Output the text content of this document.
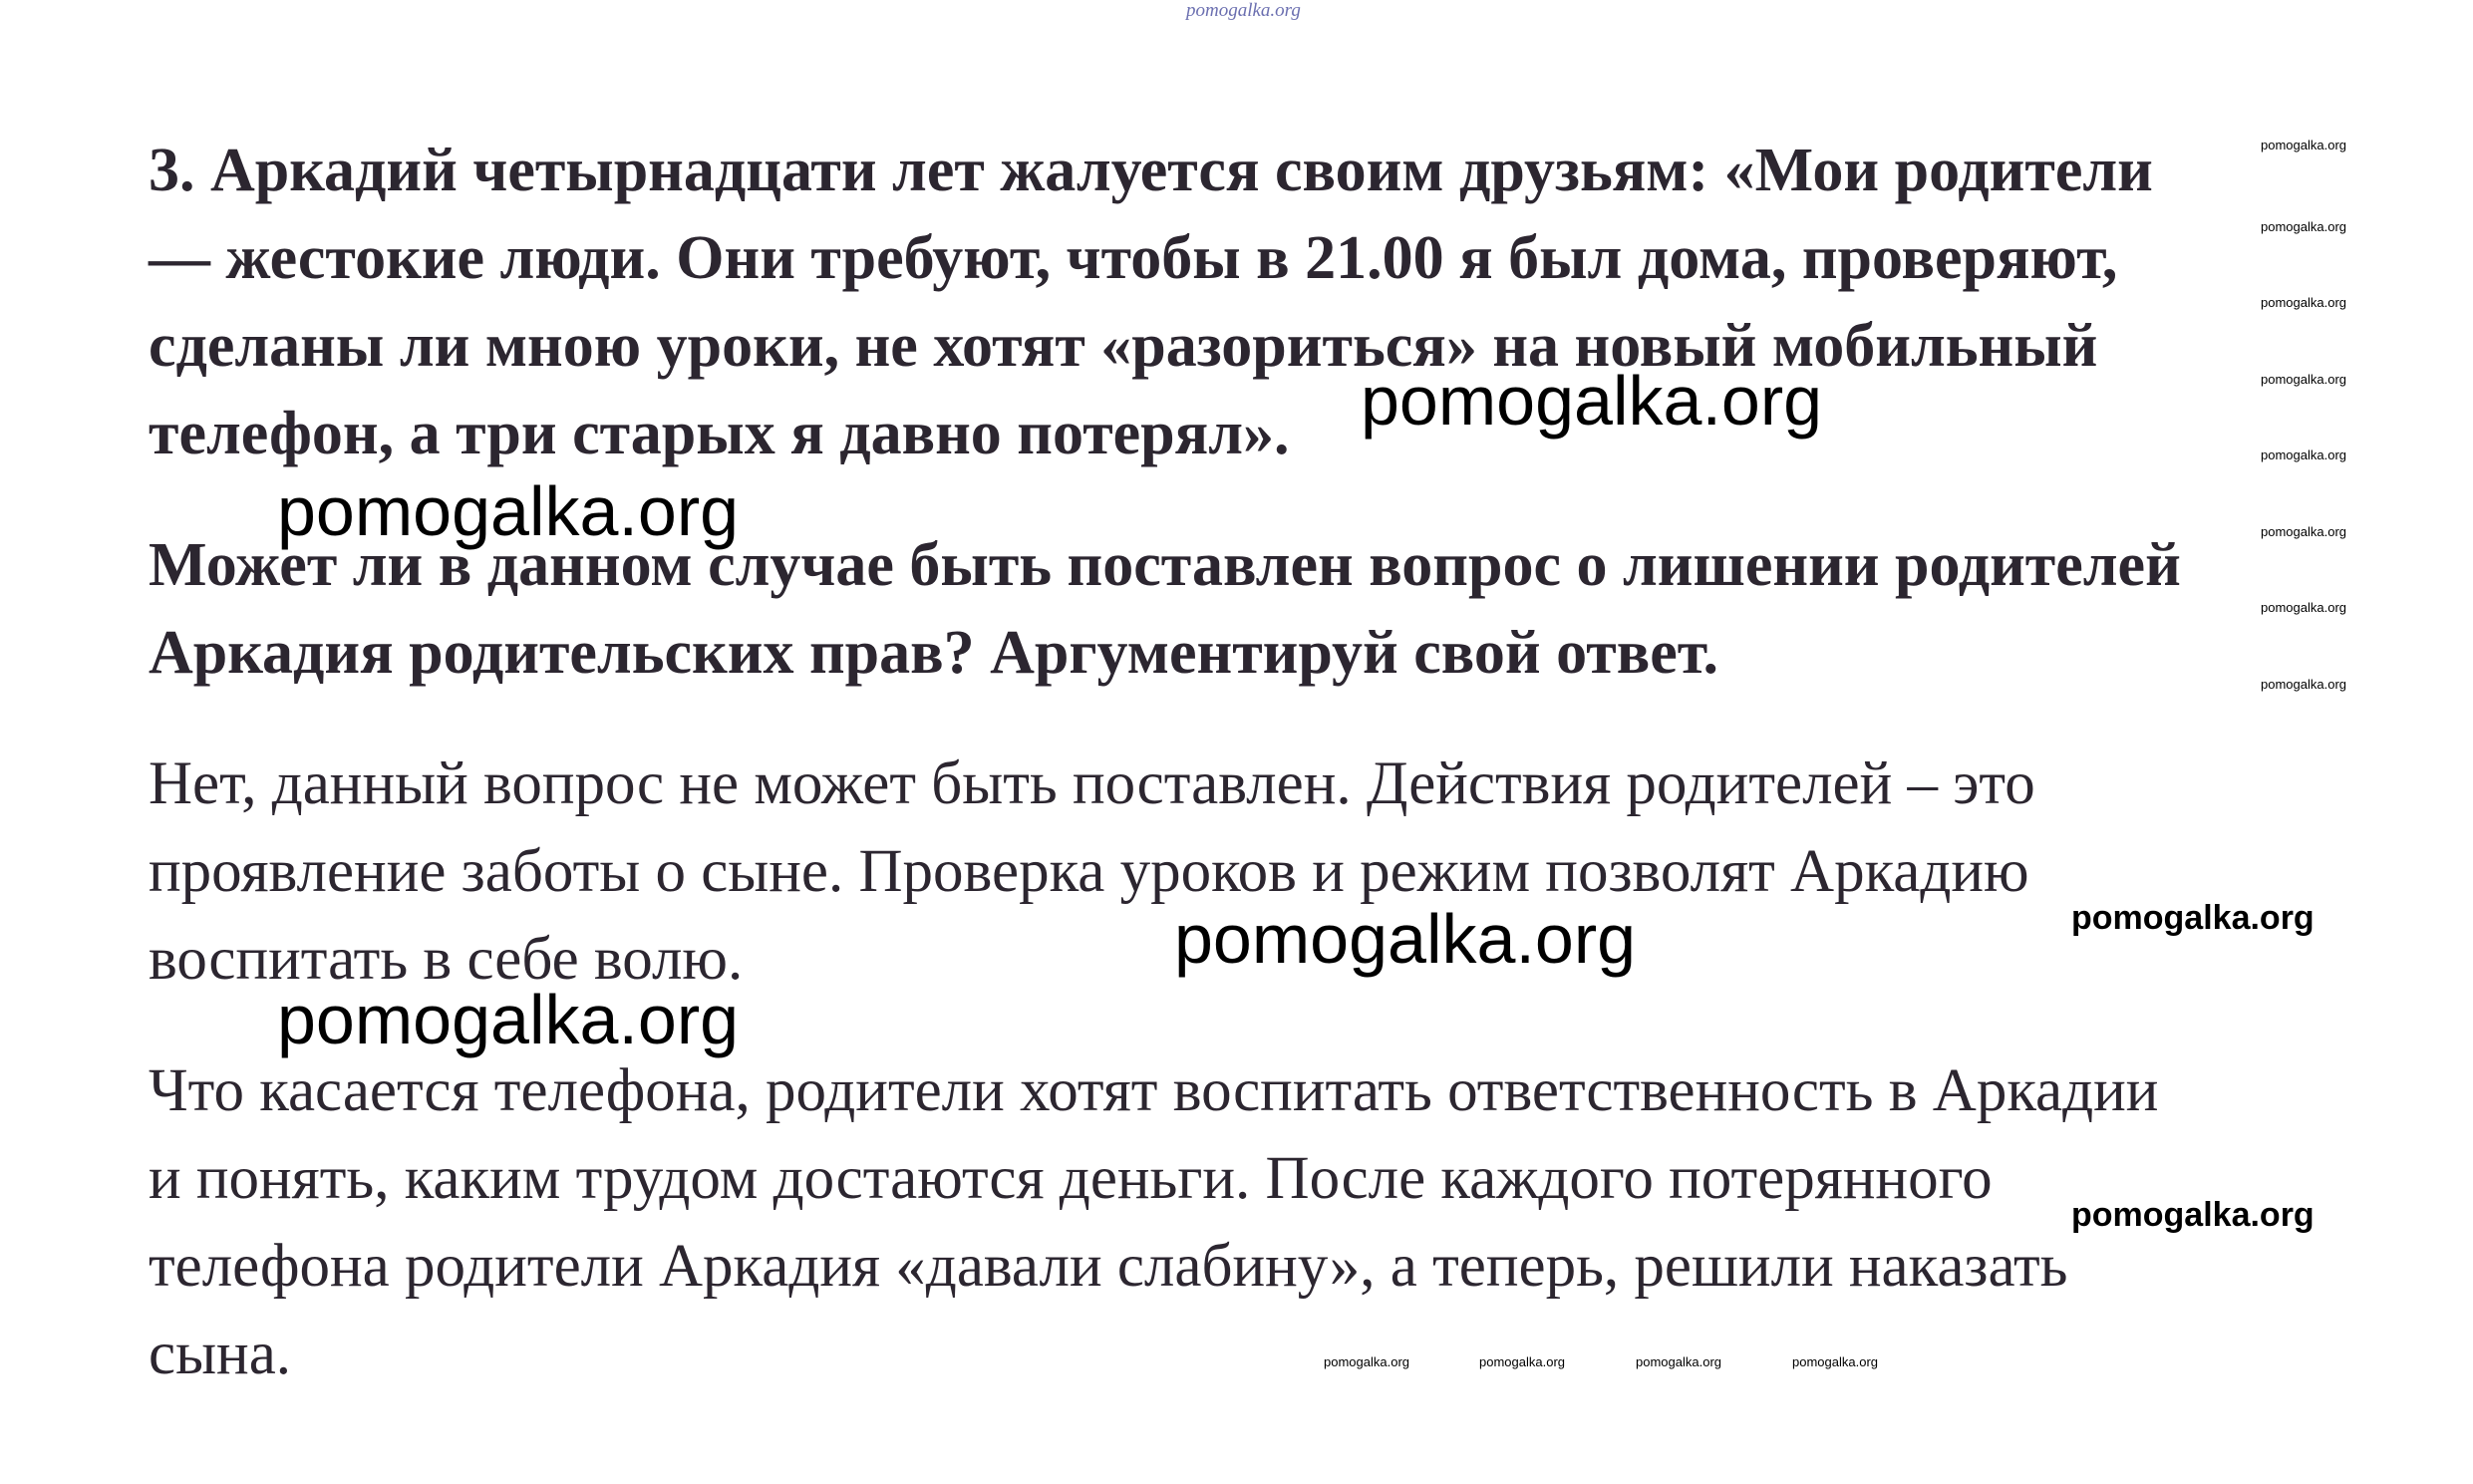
pomogalka.org
3. Аркадий четырнадцати лет жалуется своим друзьям: «Мои родители
— жестокие люди. Они требуют, чтобы в 21.00 я был дома, проверяют,
сделаны ли мною уроки, не хотят «разориться» на новый мобильный
телефон, а три старых я давно потерял».
Может ли в данном случае быть поставлен вопрос о лишении родителей
Аркадия родительских прав? Аргументируй свой ответ.
Нет, данный вопрос не может быть поставлен. Действия родителей – это
проявление заботы о сыне. Проверка уроков и режим позволят Аркадию
воспитать в себе волю.
Что касается телефона, родители хотят воспитать ответственность в Аркадии
и понять, каким трудом достаются деньги. После каждого потерянного
телефона родители Аркадия «давали слабину», а теперь, решили наказать
сына.
pomogalka.org
pomogalka.org
pomogalka.org
pomogalka.org
pomogalka.org
pomogalka.org
pomogalka.org
pomogalka.org
pomogalka.org
pomogalka.org
pomogalka.org
pomogalka.org
pomogalka.org
pomogalka.org
pomogalka.org	pomogalka.org	pomogalka.org	pomogalka.org
